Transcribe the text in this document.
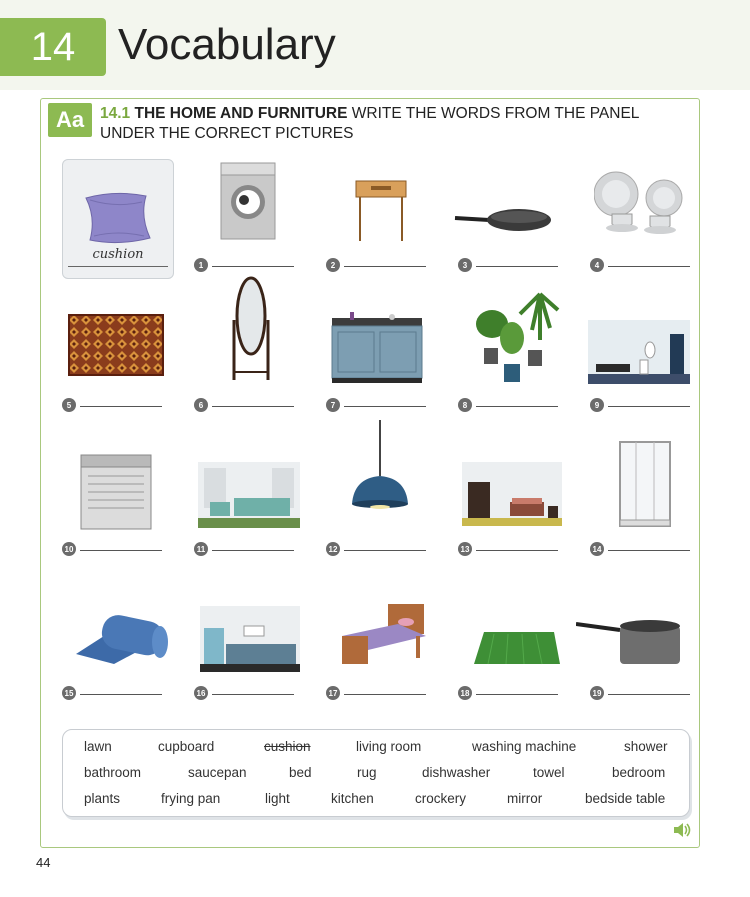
14 Vocabulary
Aa	14.1 THE HOME AND FURNITURE WRITE THE WORDS FROM THE PANEL UNDER THE CORRECT PICTURES
cushion
1	2	3	4
5	6	7	8	9
10	11	12	13	14
15	16	17	18	19
lawn	cupboard	cushion	living room	washing machine	shower
bathroom	saucepan	bed	rug	dishwasher	towel	bedroom
plants	frying pan	light	kitchen	crockery	mirror	bedside table
44
